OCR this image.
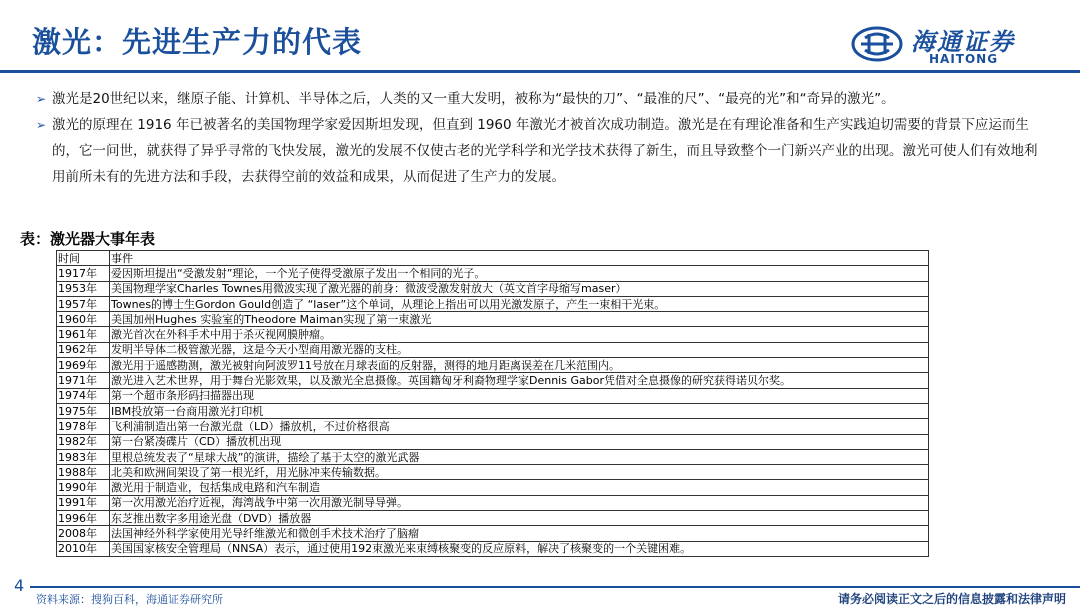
激光：先进生产力的代表	海通证券
HAITONG
➢ 激光是20世纪以来，继原子能、计算机、半导体之后，人类的又一重大发明，被称为“最快的刀”、“最准的尺”、“最亮的光”和“奇异的激光”。
➢ 激光的原理在 1916 年已被著名的美国物理学家爱因斯坦发现，但直到 1960 年激光才被首次成功制造。激光是在有理论准备和生产实践迫切需要的背景下应运而生的，它一问世，就获得了异乎寻常的飞快发展，激光的发展不仅使古老的光学科学和光学技术获得了新生，而且导致整个一门新兴产业的出现。激光可使人们有效地利用前所未有的先进方法和手段，去获得空前的效益和成果，从而促进了生产力的发展。
表：激光器大事年表
时间	事件
1917年	爱因斯坦提出“受激发射”理论，一个光子使得受激原子发出一个相同的光子。
1953年	美国物理学家Charles Townes用微波实现了激光器的前身：微波受激发射放大（英文首字母缩写maser）
1957年	Townes的博士生Gordon Gould创造了 “laser”这个单词，从理论上指出可以用光激发原子，产生一束相干光束。
1960年	美国加州Hughes 实验室的Theodore Maiman实现了第一束激光
1961年	激光首次在外科手术中用于杀灭视网膜肿瘤。
1962年	发明半导体二极管激光器，这是今天小型商用激光器的支柱。
1969年	激光用于遥感勘测，激光被射向阿波罗11号放在月球表面的反射器，测得的地月距离误差在几米范围内。
1971年	激光进入艺术世界，用于舞台光影效果，以及激光全息摄像。英国籍匈牙利裔物理学家Dennis Gabor凭借对全息摄像的研究获得诺贝尔奖。
1974年	第一个超市条形码扫描器出现
1975年	IBM投放第一台商用激光打印机
1978年	飞利浦制造出第一台激光盘（LD）播放机，不过价格很高
1982年	第一台紧凑碟片（CD）播放机出现
1983年	里根总统发表了“星球大战”的演讲，描绘了基于太空的激光武器
1988年	北美和欧洲间架设了第一根光纤，用光脉冲来传输数据。
1990年	激光用于制造业，包括集成电路和汽车制造
1991年	第一次用激光治疗近视，海湾战争中第一次用激光制导导弹。
1996年	东芝推出数字多用途光盘（DVD）播放器
2008年	法国神经外科学家使用光导纤维激光和微创手术技术治疗了脑瘤
2010年	美国国家核安全管理局（NNSA）表示，通过使用192束激光来束缚核聚变的反应原料，解决了核聚变的一个关键困难。
4
资料来源：搜狗百科，海通证券研究所	请务必阅读正文之后的信息披露和法律声明
